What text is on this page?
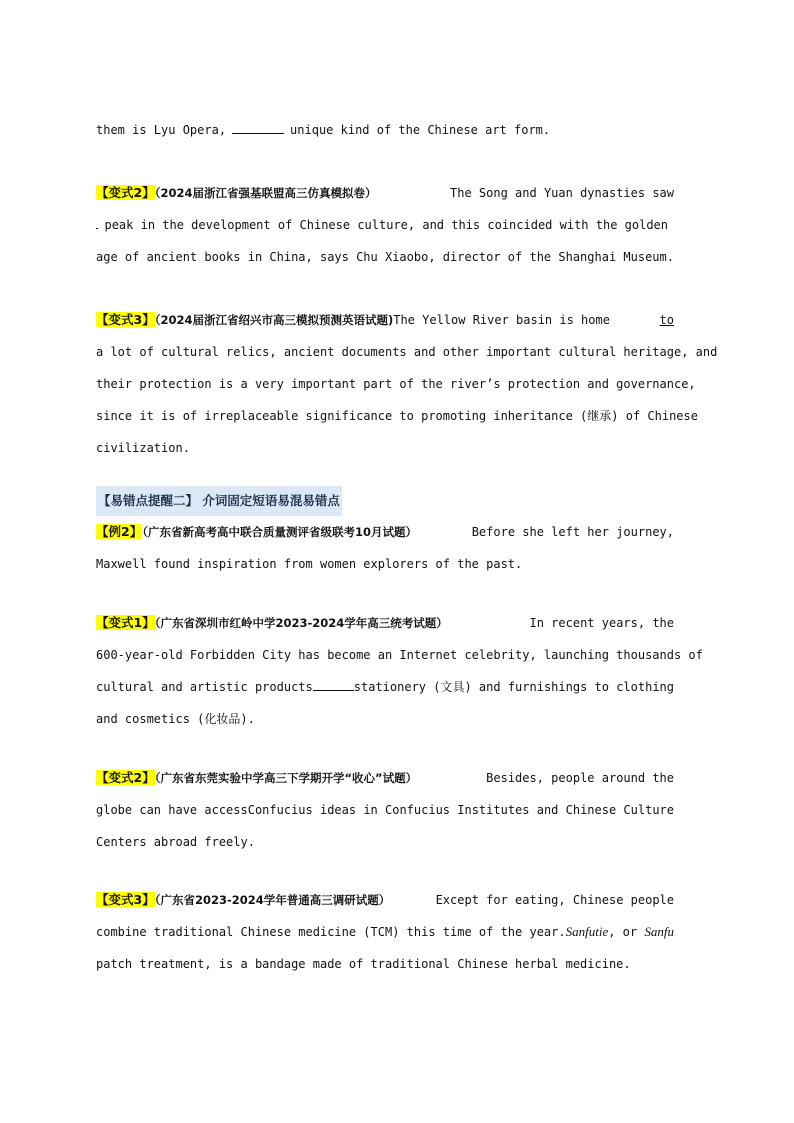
them is Lyu Opera,	unique kind of the Chinese art form.
【变式2】（2024届浙江省强基联盟高三仿真模拟卷）	The Song and Yuan dynasties saw
peak in the development of Chinese culture, and this coincided with the golden
age of ancient books in China, says Chu Xiaobo, director of the Shanghai Museum.
【变式3】（2024届浙江省绍兴市高三模拟预测英语试题)The Yellow River basin is home	to
a lot of cultural relics, ancient documents and other important cultural heritage, and
their protection is a very important part of the river’s protection and governance,
since it is of irreplaceable significance to promoting inheritance (继承) of Chinese
civilization.
【易错点提醒二】 介词固定短语易混易错点
【例2】（广东省新高考高中联合质量测评省级联考10月试题）	Before she left her journey,
Maxwell found inspiration from women explorers of the past.
【变式1】（广东省深圳市红岭中学2023-2024学年高三统考试题）	In recent years, the
600-year-old Forbidden City has become an Internet celebrity, launching thousands of
cultural and artistic products	stationery (文具) and furnishings to clothing
and cosmetics (化妆品).
【变式2】（广东省东莞实验中学高三下学期开学“收心”试题）	Besides, people around the
globe can have access Confucius ideas in Confucius Institutes and Chinese Culture
Centers abroad freely.
【变式3】（广东省2023-2024学年普通高三调研试题）	Except for eating, Chinese people
combine traditional Chinese medicine (TCM) this time of the year. Sanfutie, or Sanfu
patch treatment, is a bandage made of traditional Chinese herbal medicine.
